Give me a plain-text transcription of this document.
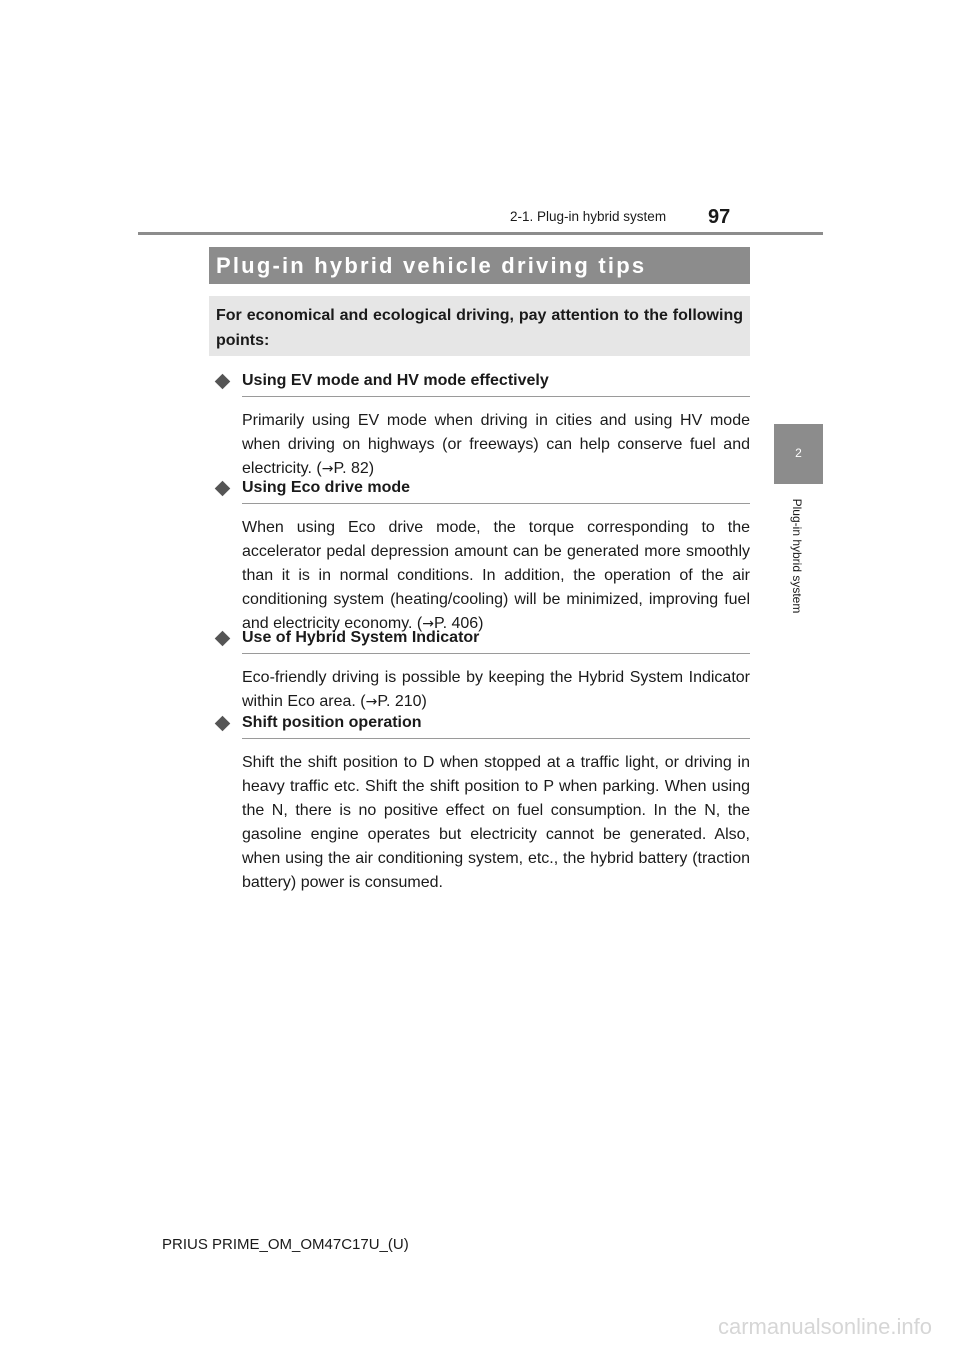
2-1. Plug-in hybrid system 97
2
Plug-in hybrid system
Plug-in hybrid vehicle driving tips
For economical and ecological driving, pay attention to the following points:
Using EV mode and HV mode effectively
Primarily using EV mode when driving in cities and using HV mode when driving on highways (or freeways) can help conserve fuel and electricity. (→P. 82)
Using Eco drive mode
When using Eco drive mode, the torque corresponding to the accelerator pedal depression amount can be generated more smoothly than it is in normal conditions. In addition, the operation of the air conditioning system (heating/cooling) will be minimized, improving fuel and electricity economy. (→P. 406)
Use of Hybrid System Indicator
Eco-friendly driving is possible by keeping the Hybrid System Indicator within Eco area. (→P. 210)
Shift position operation
Shift the shift position to D when stopped at a traffic light, or driving in heavy traffic etc. Shift the shift position to P when parking. When using the N, there is no positive effect on fuel consumption. In the N, the gasoline engine operates but electricity cannot be generated. Also, when using the air conditioning system, etc., the hybrid battery (traction battery) power is consumed.
PRIUS PRIME_OM_OM47C17U_(U)
carmanualsonline.info
